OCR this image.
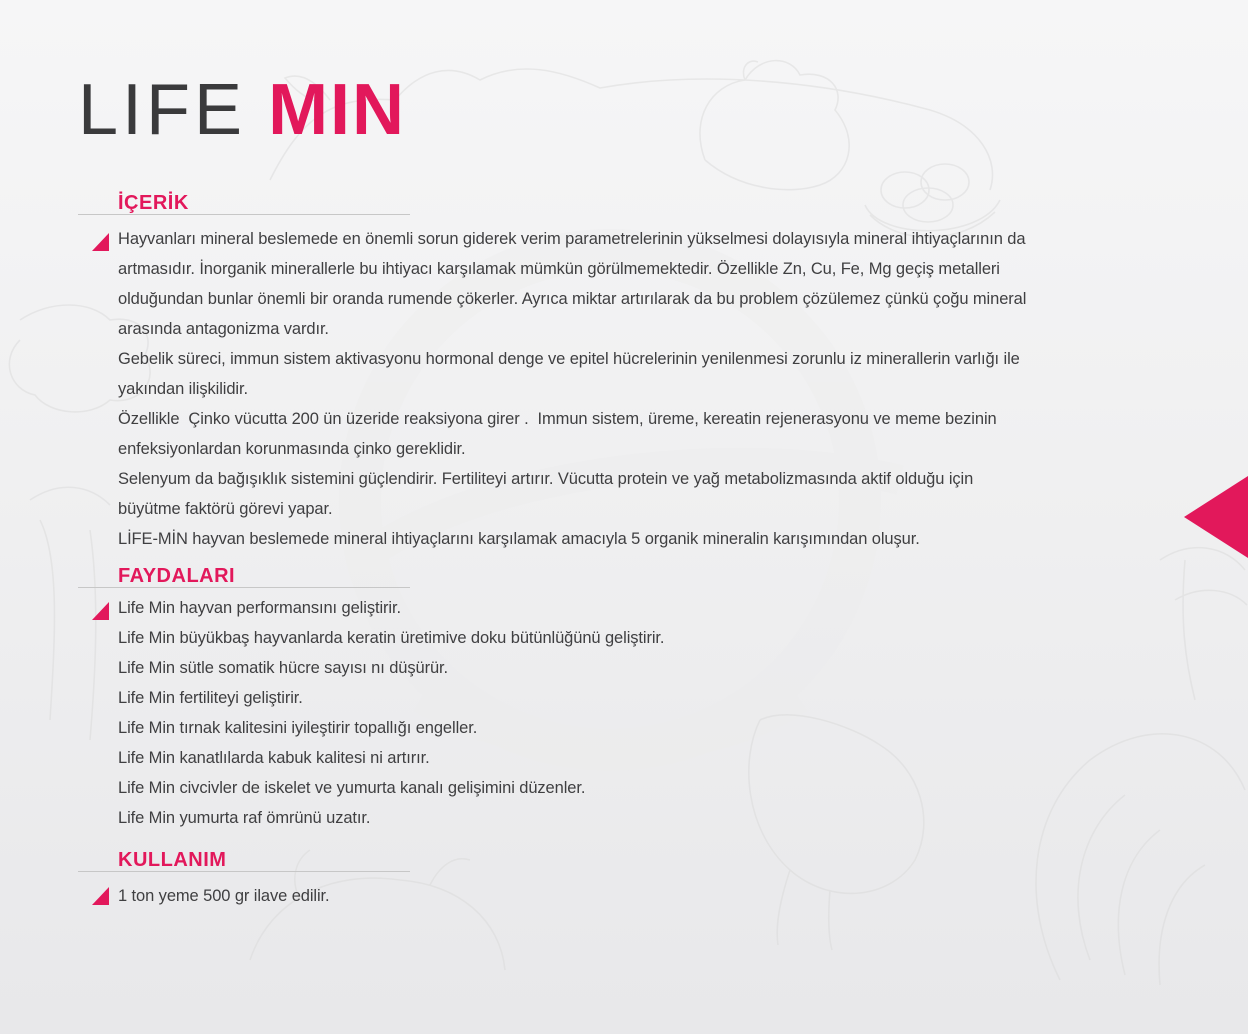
LIFE MIN
İÇERİK
Hayvanları mineral beslemede en önemli sorun giderek verim parametrelerinin yükselmesi dolayısıyla mineral ihtiyaçlarının da
artmasıdır. İnorganik minerallerle bu ihtiyacı karşılamak mümkün görülmemektedir. Özellikle Zn, Cu, Fe, Mg geçiş metalleri
olduğundan bunlar önemli bir oranda rumende çökerler. Ayrıca miktar artırılarak da bu problem çözülemez çünkü çoğu mineral
arasında antagonizma vardır.
Gebelik süreci, immun sistem aktivasyonu hormonal denge ve epitel hücrelerinin yenilenmesi zorunlu iz minerallerin varlığı ile
yakından ilişkilidir.
Özellikle  Çinko vücutta 200 ün üzeride reaksiyona girer .  Immun sistem, üreme, kereatin rejenerasyonu ve meme bezinin
enfeksiyonlardan korunmasında çinko gereklidir.
Selenyum da bağışıklık sistemini güçlendirir. Fertiliteyi artırır. Vücutta protein ve yağ metabolizmasında aktif olduğu için
büyütme faktörü görevi yapar.
LİFE-MİN hayvan beslemede mineral ihtiyaçlarını karşılamak amacıyla 5 organik mineralin karışımından oluşur.
FAYDALARI
Life Min hayvan performansını geliştirir.
Life Min büyükbaş hayvanlarda keratin üretimive doku bütünlüğünü geliştirir.
Life Min sütle somatik hücre sayısı nı düşürür.
Life Min fertiliteyi geliştirir.
Life Min tırnak kalitesini iyileştirir topallığı engeller.
Life Min kanatlılarda kabuk kalitesi ni artırır.
Life Min civcivler de iskelet ve yumurta kanalı gelişimini düzenler.
Life Min yumurta raf ömrünü uzatır.
KULLANIM
1 ton yeme 500 gr ilave edilir.
